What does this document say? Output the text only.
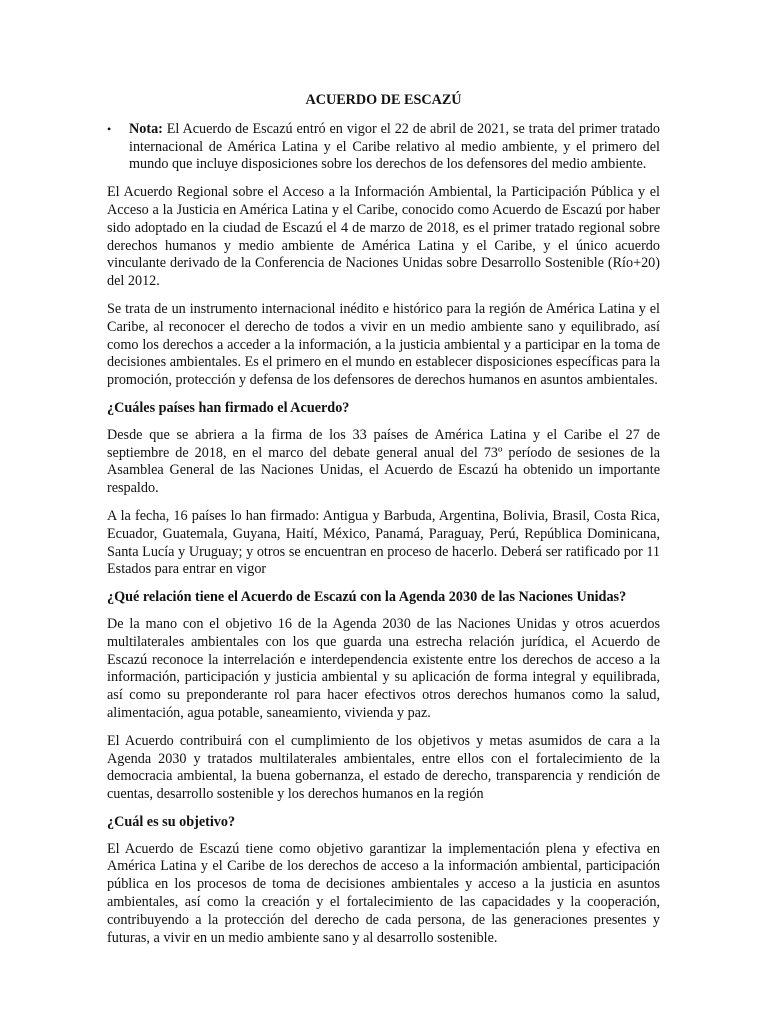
ACUERDO DE ESCAZÚ
• Nota: El Acuerdo de Escazú entró en vigor el 22 de abril de 2021, se trata del primer tratado internacional de América Latina y el Caribe relativo al medio ambiente, y el primero del mundo que incluye disposiciones sobre los derechos de los defensores del medio ambiente.

El Acuerdo Regional sobre el Acceso a la Información Ambiental, la Participación Pública y el Acceso a la Justicia en América Latina y el Caribe, conocido como Acuerdo de Escazú por haber sido adoptado en la ciudad de Escazú el 4 de marzo de 2018, es el primer tratado regional sobre derechos humanos y medio ambiente de América Latina y el Caribe, y el único acuerdo vinculante derivado de la Conferencia de Naciones Unidas sobre Desarrollo Sostenible (Río+20) del 2012.

Se trata de un instrumento internacional inédito e histórico para la región de América Latina y el Caribe, al reconocer el derecho de todos a vivir en un medio ambiente sano y equilibrado, así como los derechos a acceder a la información, a la justicia ambiental y a participar en la toma de decisiones ambientales. Es el primero en el mundo en establecer disposiciones específicas para la promoción, protección y defensa de los defensores de derechos humanos en asuntos ambientales.

¿Cuáles países han firmado el Acuerdo?

Desde que se abriera a la firma de los 33 países de América Latina y el Caribe el 27 de septiembre de 2018, en el marco del debate general anual del 73º período de sesiones de la Asamblea General de las Naciones Unidas, el Acuerdo de Escazú ha obtenido un importante respaldo.

A la fecha, 16 países lo han firmado: Antigua y Barbuda, Argentina, Bolivia, Brasil, Costa Rica, Ecuador, Guatemala, Guyana, Haití, México, Panamá, Paraguay, Perú, República Dominicana, Santa Lucía y Uruguay; y otros se encuentran en proceso de hacerlo. Deberá ser ratificado por 11 Estados para entrar en vigor

¿Qué relación tiene el Acuerdo de Escazú con la Agenda 2030 de las Naciones Unidas?

De la mano con el objetivo 16 de la Agenda 2030 de las Naciones Unidas y otros acuerdos multilaterales ambientales con los que guarda una estrecha relación jurídica, el Acuerdo de Escazú reconoce la interrelación e interdependencia existente entre los derechos de acceso a la información, participación y justicia ambiental y su aplicación de forma integral y equilibrada, así como su preponderante rol para hacer efectivos otros derechos humanos como la salud, alimentación, agua potable, saneamiento, vivienda y paz.

El Acuerdo contribuirá con el cumplimiento de los objetivos y metas asumidos de cara a la Agenda 2030 y tratados multilaterales ambientales, entre ellos con el fortalecimiento de la democracia ambiental, la buena gobernanza, el estado de derecho, transparencia y rendición de cuentas, desarrollo sostenible y los derechos humanos en la región

¿Cuál es su objetivo?

El Acuerdo de Escazú tiene como objetivo garantizar la implementación plena y efectiva en América Latina y el Caribe de los derechos de acceso a la información ambiental, participación pública en los procesos de toma de decisiones ambientales y acceso a la justicia en asuntos ambientales, así como la creación y el fortalecimiento de las capacidades y la cooperación, contribuyendo a la protección del derecho de cada persona, de las generaciones presentes y futuras, a vivir en un medio ambiente sano y al desarrollo sostenible.
